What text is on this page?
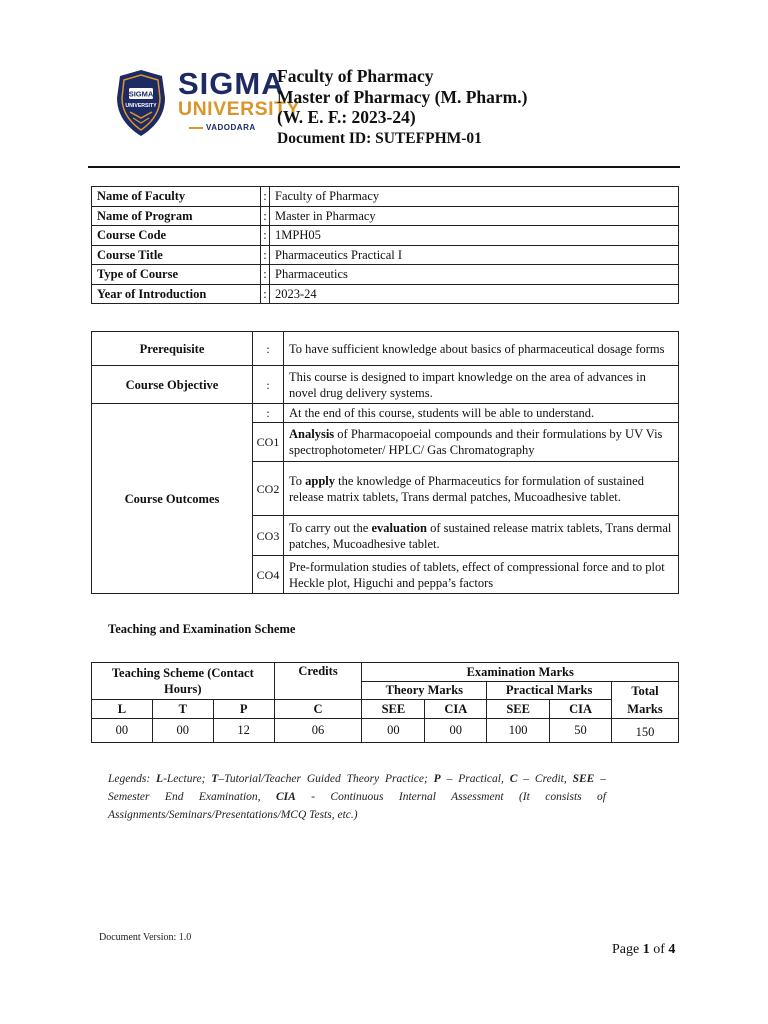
SIGMA
UNIVERSITY
SIGMA
UNIVERSITY
VADODARA
Faculty of Pharmacy
Master of Pharmacy (M. Pharm.)
(W. E. F.: 2023-24)
Document ID: SUTEFPHM-01
Name of Faculty	:	Faculty of Pharmacy
Name of Program	:	Master in Pharmacy
Course Code	:	1MPH05
Course Title	:	Pharmaceutics Practical I
Type of Course	:	Pharmaceutics
Year of Introduction	:	2023-24
Prerequisite	:	To have sufficient knowledge about basics of pharmaceutical dosage forms
Course Objective	:	This course is designed to impart knowledge on the area of advances in novel drug delivery systems.
Course Outcomes	:	At the end of this course, students will be able to understand.
	CO1	Analysis of Pharmacopoeial compounds and their formulations by UV Vis spectrophotometer/ HPLC/ Gas Chromatography
	CO2	To apply the knowledge of Pharmaceutics for formulation of sustained release matrix tablets, Trans dermal patches, Mucoadhesive tablet.
	CO3	To carry out the evaluation of sustained release matrix tablets, Trans dermal patches, Mucoadhesive tablet.
	CO4	Pre-formulation studies of tablets, effect of compressional force and to plot Heckle plot, Higuchi and peppa’s factors
Teaching and Examination Scheme
Teaching Scheme (Contact Hours)			Credits	Examination Marks				
				Theory Marks		Practical Marks		Total
Marks
L	T	P	C	SEE	CIA	SEE	CIA	
00	00	12	06	00	00	100	50	150
Legends: L-Lecture; T–Tutorial/Teacher Guided Theory Practice; P – Practical, C – Credit, SEE – Semester End Examination, CIA - Continuous Internal Assessment (It consists of Assignments/Seminars/Presentations/MCQ Tests, etc.)
Document Version: 1.0
Page 1 of 4
